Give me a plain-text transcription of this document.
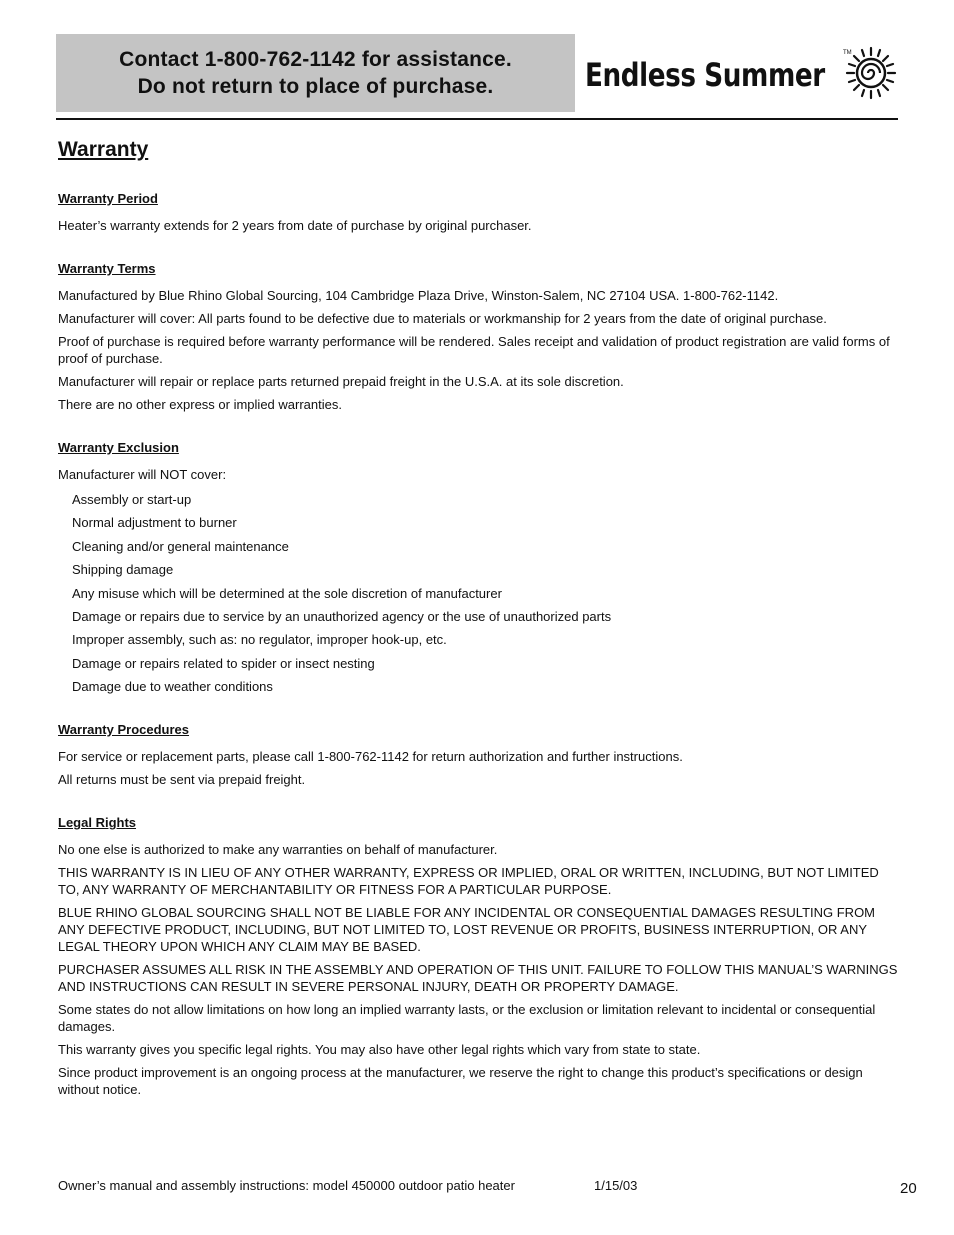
Contact 1-800-762-1142 for assistance.
Do not return to place of purchase.	Endless Summer
TM
Warranty
Warranty Period

Heater’s warranty extends for 2 years from date of purchase by original purchaser.

Warranty Terms

Manufactured by Blue Rhino Global Sourcing, 104 Cambridge Plaza Drive, Winston-Salem, NC 27104 USA. 1-800-762-1142.

Manufacturer will cover: All parts found to be defective due to materials or workmanship for 2 years from the date of original purchase.

Proof of purchase is required before warranty performance will be rendered. Sales receipt and validation of product registration are valid forms of proof of purchase.

Manufacturer will repair or replace parts returned prepaid freight in the U.S.A. at its sole discretion.

There are no other express or implied warranties.

Warranty Exclusion

Manufacturer will NOT cover:

Assembly or start-up
Normal adjustment to burner
Cleaning and/or general maintenance
Shipping damage
Any misuse which will be determined at the sole discretion of manufacturer
Damage or repairs due to service by an unauthorized agency or the use of unauthorized parts
Improper assembly, such as: no regulator, improper hook-up, etc.
Damage or repairs related to spider or insect nesting
Damage due to weather conditions
Warranty Procedures

For service or replacement parts, please call 1-800-762-1142 for return authorization and further instructions.

All returns must be sent via prepaid freight.

Legal Rights

No one else is authorized to make any warranties on behalf of manufacturer.

THIS WARRANTY IS IN LIEU OF ANY OTHER WARRANTY, EXPRESS OR IMPLIED, ORAL OR WRITTEN, INCLUDING, BUT NOT LIMITED TO, ANY WARRANTY OF MERCHANTABILITY OR FITNESS FOR A PARTICULAR PURPOSE.

BLUE RHINO GLOBAL SOURCING SHALL NOT BE LIABLE FOR ANY INCIDENTAL OR CONSEQUENTIAL DAMAGES RESULTING FROM ANY DEFECTIVE PRODUCT, INCLUDING, BUT NOT LIMITED TO, LOST REVENUE OR PROFITS, BUSINESS INTERRUPTION, OR ANY LEGAL THEORY UPON WHICH ANY CLAIM MAY BE BASED.

PURCHASER ASSUMES ALL RISK IN THE ASSEMBLY AND OPERATION OF THIS UNIT. FAILURE TO FOLLOW THIS MANUAL’S WARNINGS AND INSTRUCTIONS CAN RESULT IN SEVERE PERSONAL INJURY, DEATH OR PROPERTY DAMAGE.

Some states do not allow limitations on how long an implied warranty lasts, or the exclusion or limitation relevant to incidental or consequential damages.

This warranty gives you specific legal rights. You may also have other legal rights which vary from state to state.

Since product improvement is an ongoing process at the manufacturer, we reserve the right to change this product’s specifications or design without notice.

Owner’s manual and assembly instructions: model 450000 outdoor patio heater	1/15/03	20
